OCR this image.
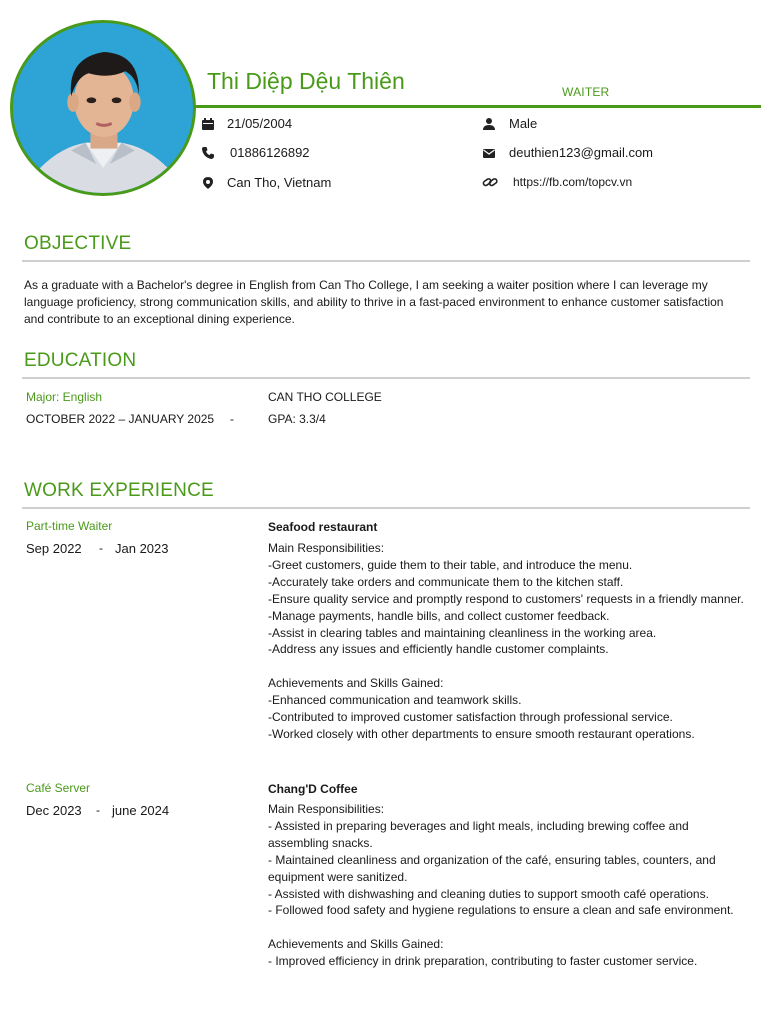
Thi Diệp Dệu Thiên	WAITER
21/05/2004
01886126892
Can Tho, Vietnam
Male
deuthien123@gmail.com
https://fb.com/topcv.vn
OBJECTIVE
As a graduate with a Bachelor's degree in English from Can Tho College, I am seeking a waiter position where I can leverage my language proficiency, strong communication skills, and ability to thrive in a fast-paced environment to enhance customer satisfaction and contribute to an exceptional dining experience.
EDUCATION
Major: English
OCTOBER 2022 – JANUARY 2025 -
CAN THO COLLEGE
GPA: 3.3/4
WORK EXPERIENCE
Part-time Waiter
Sep 2022 - Jan 2023
Seafood restaurant
Main Responsibilities:
-Greet customers, guide them to their table, and introduce the menu.
-Accurately take orders and communicate them to the kitchen staff.
-Ensure quality service and promptly respond to customers' requests in a friendly manner.
-Manage payments, handle bills, and collect customer feedback.
-Assist in clearing tables and maintaining cleanliness in the working area.
-Address any issues and efficiently handle customer complaints.

Achievements and Skills Gained:
-Enhanced communication and teamwork skills.
-Contributed to improved customer satisfaction through professional service.
-Worked closely with other departments to ensure smooth restaurant operations.
Café Server
Dec 2023 - june 2024
Chang'D Coffee
Main Responsibilities:
- Assisted in preparing beverages and light meals, including brewing coffee and assembling snacks.
- Maintained cleanliness and organization of the café, ensuring tables, counters, and equipment were sanitized.
- Assisted with dishwashing and cleaning duties to support smooth café operations.
- Followed food safety and hygiene regulations to ensure a clean and safe environment.

Achievements and Skills Gained:
- Improved efficiency in drink preparation, contributing to faster customer service.
